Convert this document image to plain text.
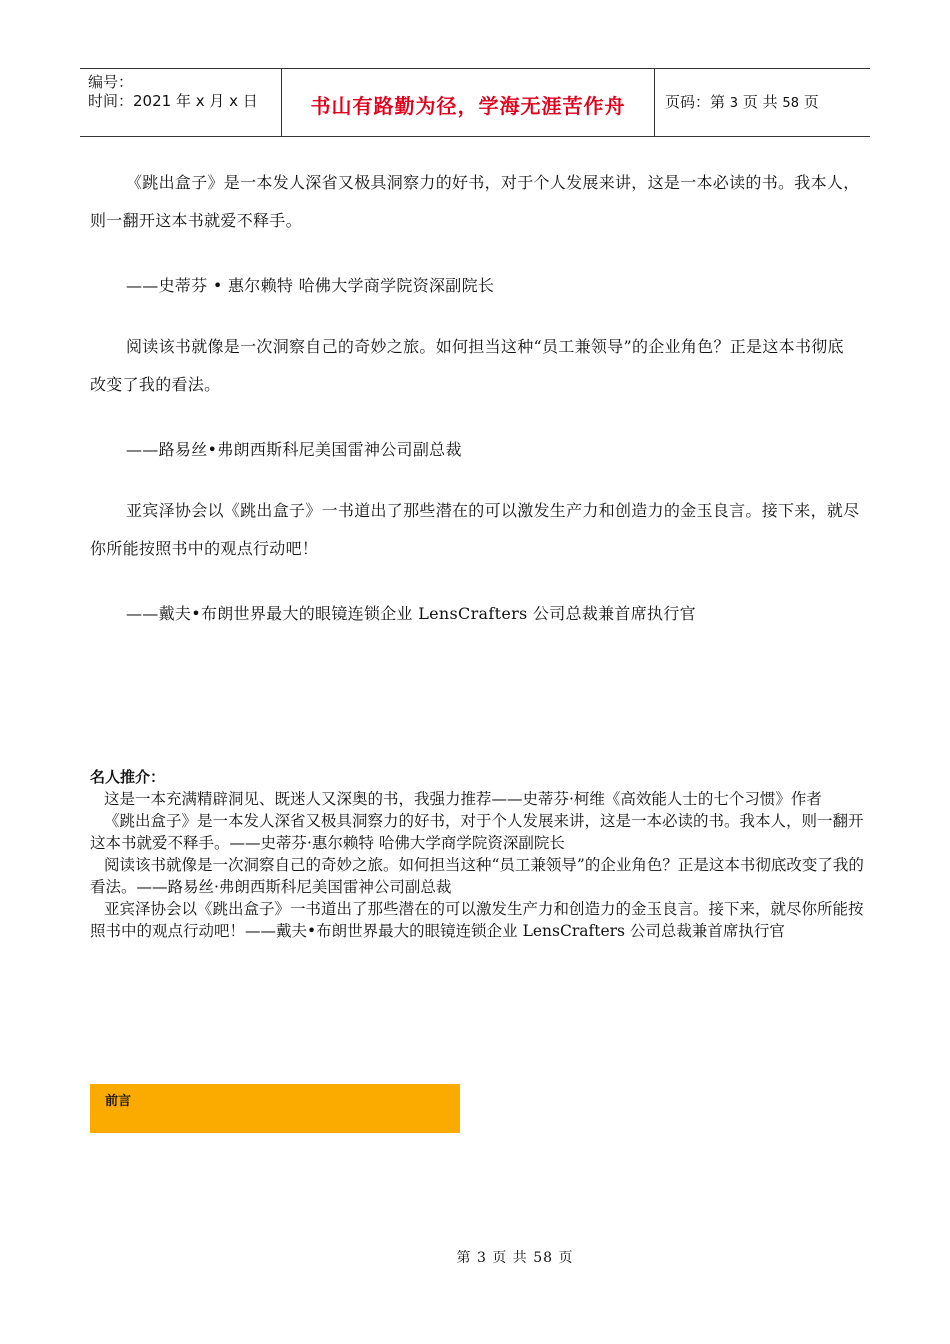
编号：
时间：2021 年 x 月 x 日	书山有路勤为径，学海无涯苦作舟	页码：第 3 页 共 58 页

《跳出盒子》是一本发人深省又极具洞察力的好书，对于个人发展来讲，这是一本必读的书。我本人，则一翻开这本书就爱不释手。

——史蒂芬 • 惠尔赖特 哈佛大学商学院资深副院长

阅读该书就像是一次洞察自己的奇妙之旅。如何担当这种“员工兼领导”的企业角色？正是这本书彻底改变了我的看法。

——路易丝•弗朗西斯科尼美国雷神公司副总裁

亚宾泽协会以《跳出盒子》一书道出了那些潜在的可以激发生产力和创造力的金玉良言。接下来，就尽你所能按照书中的观点行动吧！

——戴夫•布朗世界最大的眼镜连锁企业 LensCrafters 公司总裁兼首席执行官

名人推介：

这是一本充满精辟洞见、既迷人又深奥的书，我强力推荐——史蒂芬·柯维《高效能人士的七个习惯》作者

《跳出盒子》是一本发人深省又极具洞察力的好书，对于个人发展来讲，这是一本必读的书。我本人，则一翻开这本书就爱不释手。——史蒂芬·惠尔赖特 哈佛大学商学院资深副院长

阅读该书就像是一次洞察自己的奇妙之旅。如何担当这种“员工兼领导”的企业角色？正是这本书彻底改变了我的看法。——路易丝·弗朗西斯科尼美国雷神公司副总裁

亚宾泽协会以《跳出盒子》一书道出了那些潜在的可以激发生产力和创造力的金玉良言。接下来，就尽你所能按照书中的观点行动吧！——戴夫•布朗世界最大的眼镜连锁企业 LensCrafters 公司总裁兼首席执行官

前言
第 3 页 共 58 页
